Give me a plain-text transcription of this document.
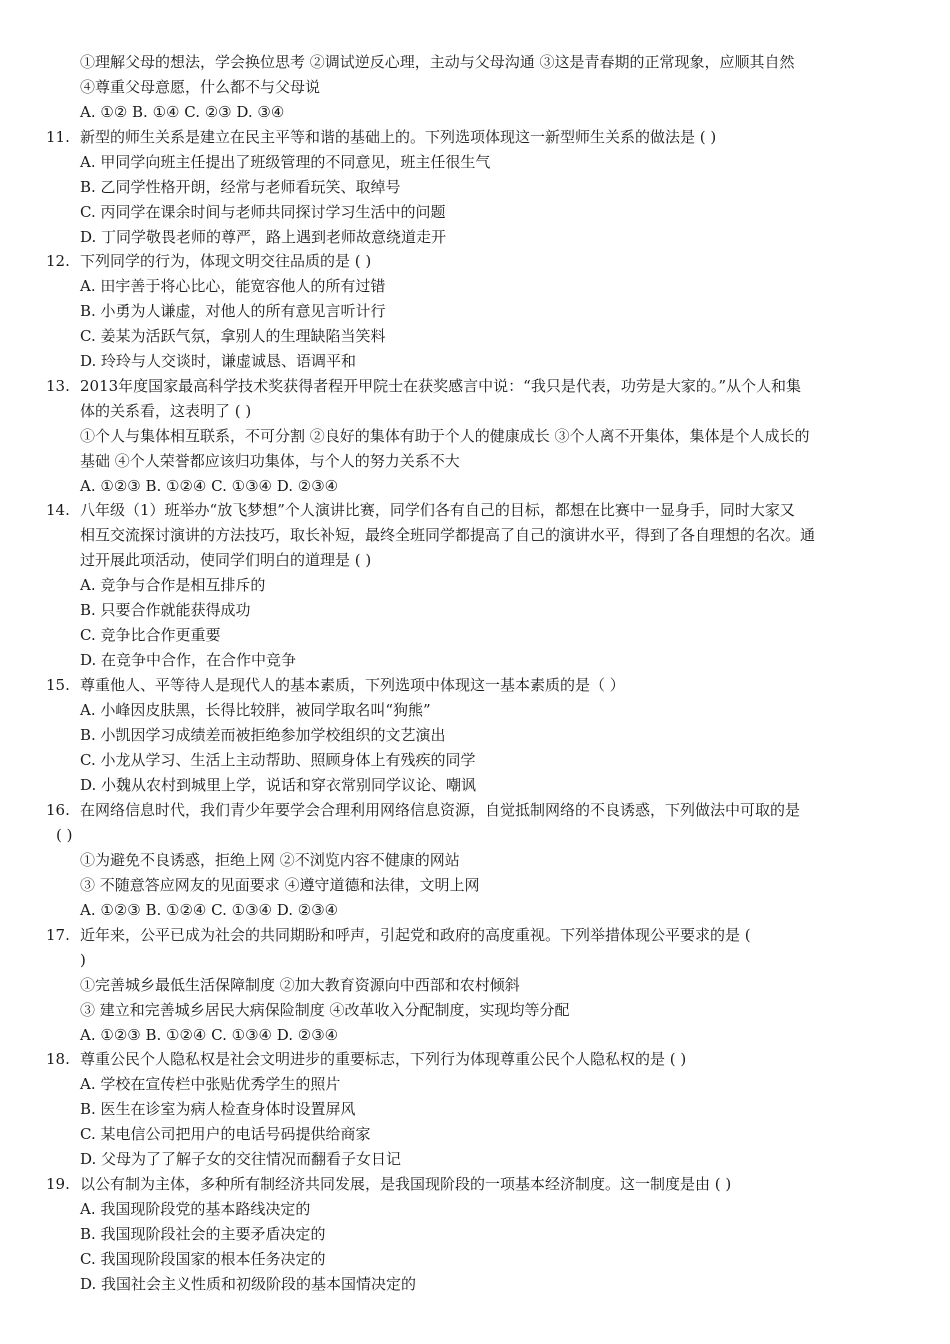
①理解父母的想法，学会换位思考 ②调试逆反心理，主动与父母沟通 ③这是青春期的正常现象，应顺其自然
④尊重父母意愿，什么都不与父母说
A. ①② B. ①④ C. ②③ D. ③④
11. 新型的师生关系是建立在民主平等和谐的基础上的。下列选项体现这一新型师生关系的做法是 ( )
A. 甲同学向班主任提出了班级管理的不同意见，班主任很生气
B. 乙同学性格开朗，经常与老师看玩笑、取绰号
C. 丙同学在课余时间与老师共同探讨学习生活中的问题
D. 丁同学敬畏老师的尊严，路上遇到老师故意绕道走开
12. 下列同学的行为，体现文明交往品质的是 ( )
A. 田宇善于将心比心，能宽容他人的所有过错
B. 小勇为人谦虚，对他人的所有意见言听计行
C. 姜某为活跃气氛，拿别人的生理缺陷当笑料
D. 玲玲与人交谈时，谦虚诚恳、语调平和
13. 2013年度国家最高科学技术奖获得者程开甲院士在获奖感言中说：“我只是代表，功劳是大家的。”从个人和集
体的关系看，这表明了 ( )
①个人与集体相互联系，不可分割 ②良好的集体有助于个人的健康成长 ③个人离不开集体，集体是个人成长的
基础 ④个人荣誉都应该归功集体，与个人的努力关系不大
A. ①②③ B. ①②④ C. ①③④ D. ②③④
14. 八年级（1）班举办“放飞梦想”个人演讲比赛，同学们各有自己的目标，都想在比赛中一显身手，同时大家又
相互交流探讨演讲的方法技巧，取长补短，最终全班同学都提高了自己的演讲水平，得到了各自理想的名次。通
过开展此项活动，使同学们明白的道理是 ( )
A. 竞争与合作是相互排斥的
B. 只要合作就能获得成功
C. 竞争比合作更重要
D. 在竞争中合作，在合作中竞争
15. 尊重他人、平等待人是现代人的基本素质，下列选项中体现这一基本素质的是（ ）
A. 小峰因皮肤黑，长得比较胖，被同学取名叫“狗熊”
B. 小凯因学习成绩差而被拒绝参加学校组织的文艺演出
C. 小龙从学习、生活上主动帮助、照顾身体上有残疾的同学
D. 小魏从农村到城里上学，说话和穿衣常别同学议论、嘲讽
16. 在网络信息时代，我们青少年要学会合理利用网络信息资源，自觉抵制网络的不良诱惑，下列做法中可取的是
( )
①为避免不良诱惑，拒绝上网 ②不浏览内容不健康的网站
③ 不随意答应网友的见面要求 ④遵守道德和法律，文明上网
A. ①②③ B. ①②④ C. ①③④ D. ②③④
17. 近年来，公平已成为社会的共同期盼和呼声，引起党和政府的高度重视。下列举措体现公平要求的是 (
)
①完善城乡最低生活保障制度 ②加大教育资源向中西部和农村倾斜
③ 建立和完善城乡居民大病保险制度 ④改革收入分配制度，实现均等分配
A. ①②③ B. ①②④ C. ①③④ D. ②③④
18. 尊重公民个人隐私权是社会文明进步的重要标志，下列行为体现尊重公民个人隐私权的是 ( )
A. 学校在宣传栏中张贴优秀学生的照片
B. 医生在诊室为病人检查身体时设置屏风
C. 某电信公司把用户的电话号码提供给商家
D. 父母为了了解子女的交往情况而翻看子女日记
19. 以公有制为主体，多种所有制经济共同发展，是我国现阶段的一项基本经济制度。这一制度是由 ( )
A. 我国现阶段党的基本路线决定的
B. 我国现阶段社会的主要矛盾决定的
C. 我国现阶段国家的根本任务决定的
D. 我国社会主义性质和初级阶段的基本国情决定的
